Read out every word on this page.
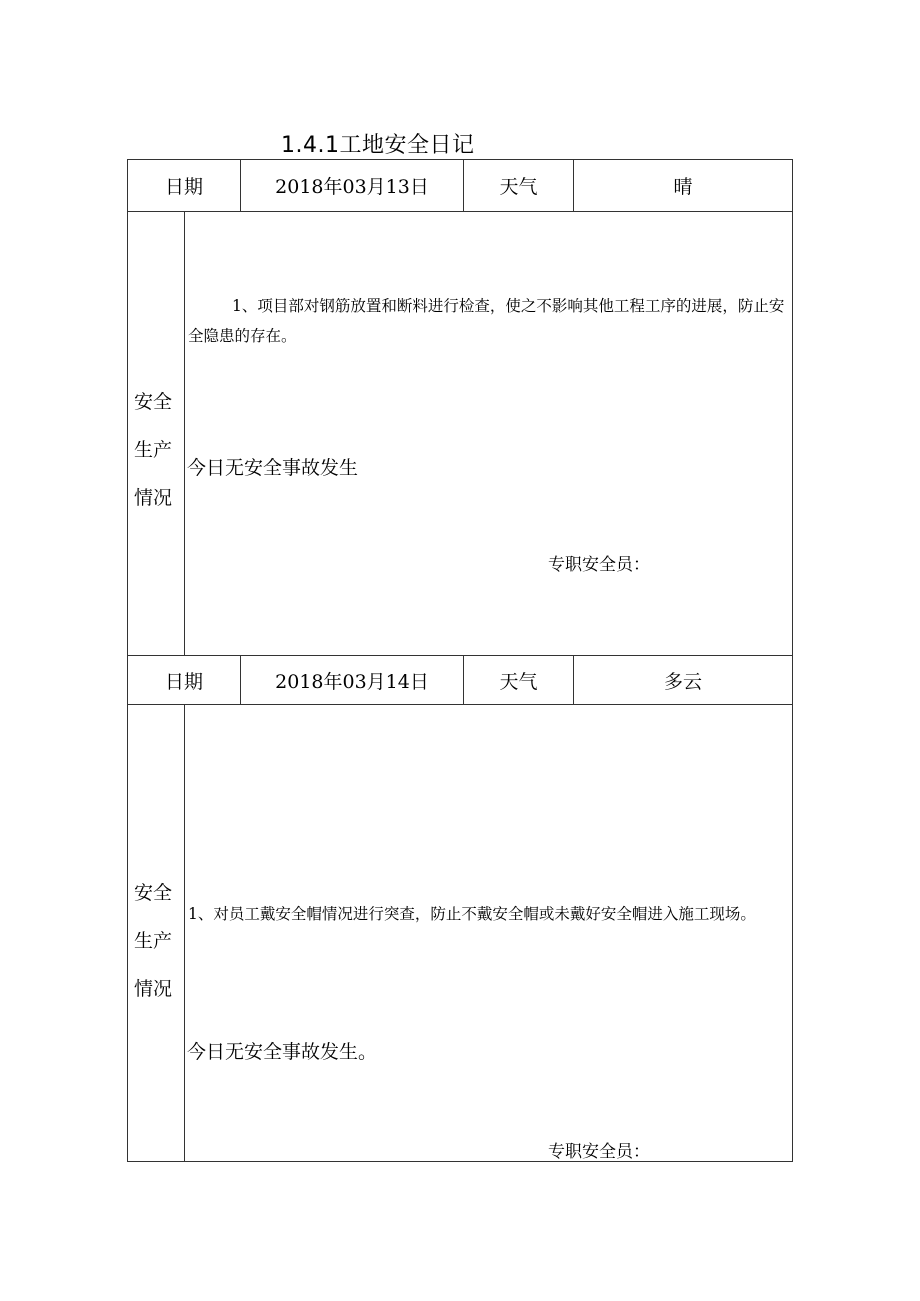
1.4.1工地安全日记
日期	2018年03月13日	天气	晴
安全生产情况
1、项目部对钢筋放置和断料进行检查，使之不影响其他工程工序的进展，防止安全隐患的存在。
今日无安全事故发生
专职安全员：
日期	2018年03月14日	天气	多云
安全生产情况
1、对员工戴安全帽情况进行突查，防止不戴安全帽或未戴好安全帽进入施工现场。
今日无安全事故发生。
专职安全员：
